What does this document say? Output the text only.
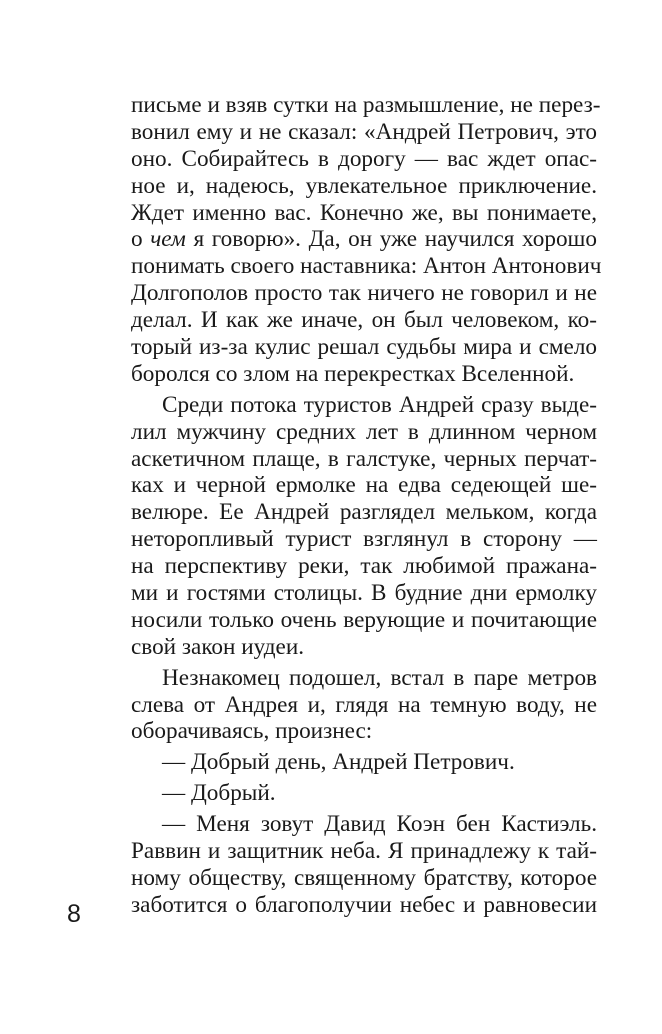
письме и взяв сутки на размышление, не перез-
вонил ему и не сказал: «Андрей Петрович, это
оно. Собирайтесь в дорогу — вас ждет опас-
ное и, надеюсь, увлекательное приключение.
Ждет именно вас. Конечно же, вы понимаете,
о чем я говорю». Да, он уже научился хорошо
понимать своего наставника: Антон Антонович
Долгополов просто так ничего не говорил и не
делал. И как же иначе, он был человеком, ко-
торый из-за кулис решал судьбы мира и смело
боролся со злом на перекрестках Вселенной.
Среди потока туристов Андрей сразу выде-
лил мужчину средних лет в длинном черном
аскетичном плаще, в галстуке, черных перчат-
ках и черной ермолке на едва седеющей ше-
велюре. Ее Андрей разглядел мельком, когда
неторопливый турист взглянул в сторону —
на перспективу реки, так любимой пражана-
ми и гостями столицы. В будние дни ермолку
носили только очень верующие и почитающие
свой закон иудеи.
Незнакомец подошел, встал в паре метров
слева от Андрея и, глядя на темную воду, не
оборачиваясь, произнес:
— Добрый день, Андрей Петрович.
— Добрый.
— Меня зовут Давид Коэн бен Кастиэль.
Раввин и защитник неба. Я принадлежу к тай-
ному обществу, священному братству, которое
заботится о благополучии небес и равновесии
8
